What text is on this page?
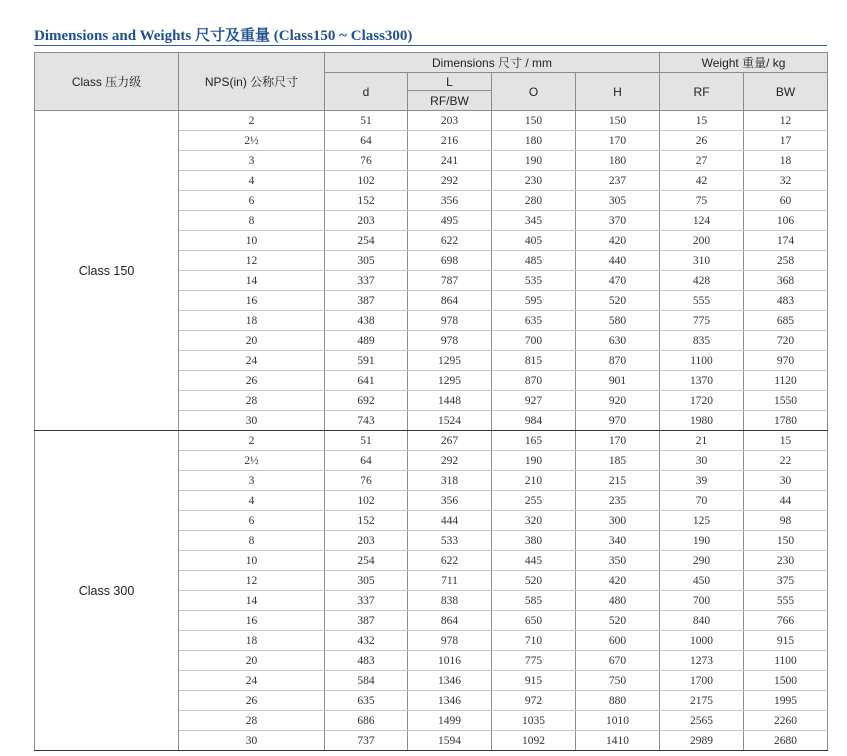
Dimensions and Weights 尺寸及重量 (Class150 ~ Class300)
Class 压力级	NPS(in) 公称尺寸	Dimensions 尺寸 / mm				Weight 重量/ kg	
		d	L	O	H	RF	BW
			RF/BW				
Class 150	2	51	203	150	150	15	12
	2½	64	216	180	170	26	17
	3	76	241	190	180	27	18
	4	102	292	230	237	42	32
	6	152	356	280	305	75	60
	8	203	495	345	370	124	106
	10	254	622	405	420	200	174
	12	305	698	485	440	310	258
	14	337	787	535	470	428	368
	16	387	864	595	520	555	483
	18	438	978	635	580	775	685
	20	489	978	700	630	835	720
	24	591	1295	815	870	1100	970
	26	641	1295	870	901	1370	1120
	28	692	1448	927	920	1720	1550
	30	743	1524	984	970	1980	1780
Class 300	2	51	267	165	170	21	15
	2½	64	292	190	185	30	22
	3	76	318	210	215	39	30
	4	102	356	255	235	70	44
	6	152	444	320	300	125	98
	8	203	533	380	340	190	150
	10	254	622	445	350	290	230
	12	305	711	520	420	450	375
	14	337	838	585	480	700	555
	16	387	864	650	520	840	766
	18	432	978	710	600	1000	915
	20	483	1016	775	670	1273	1100
	24	584	1346	915	750	1700	1500
	26	635	1346	972	880	2175	1995
	28	686	1499	1035	1010	2565	2260
	30	737	1594	1092	1410	2989	2680
